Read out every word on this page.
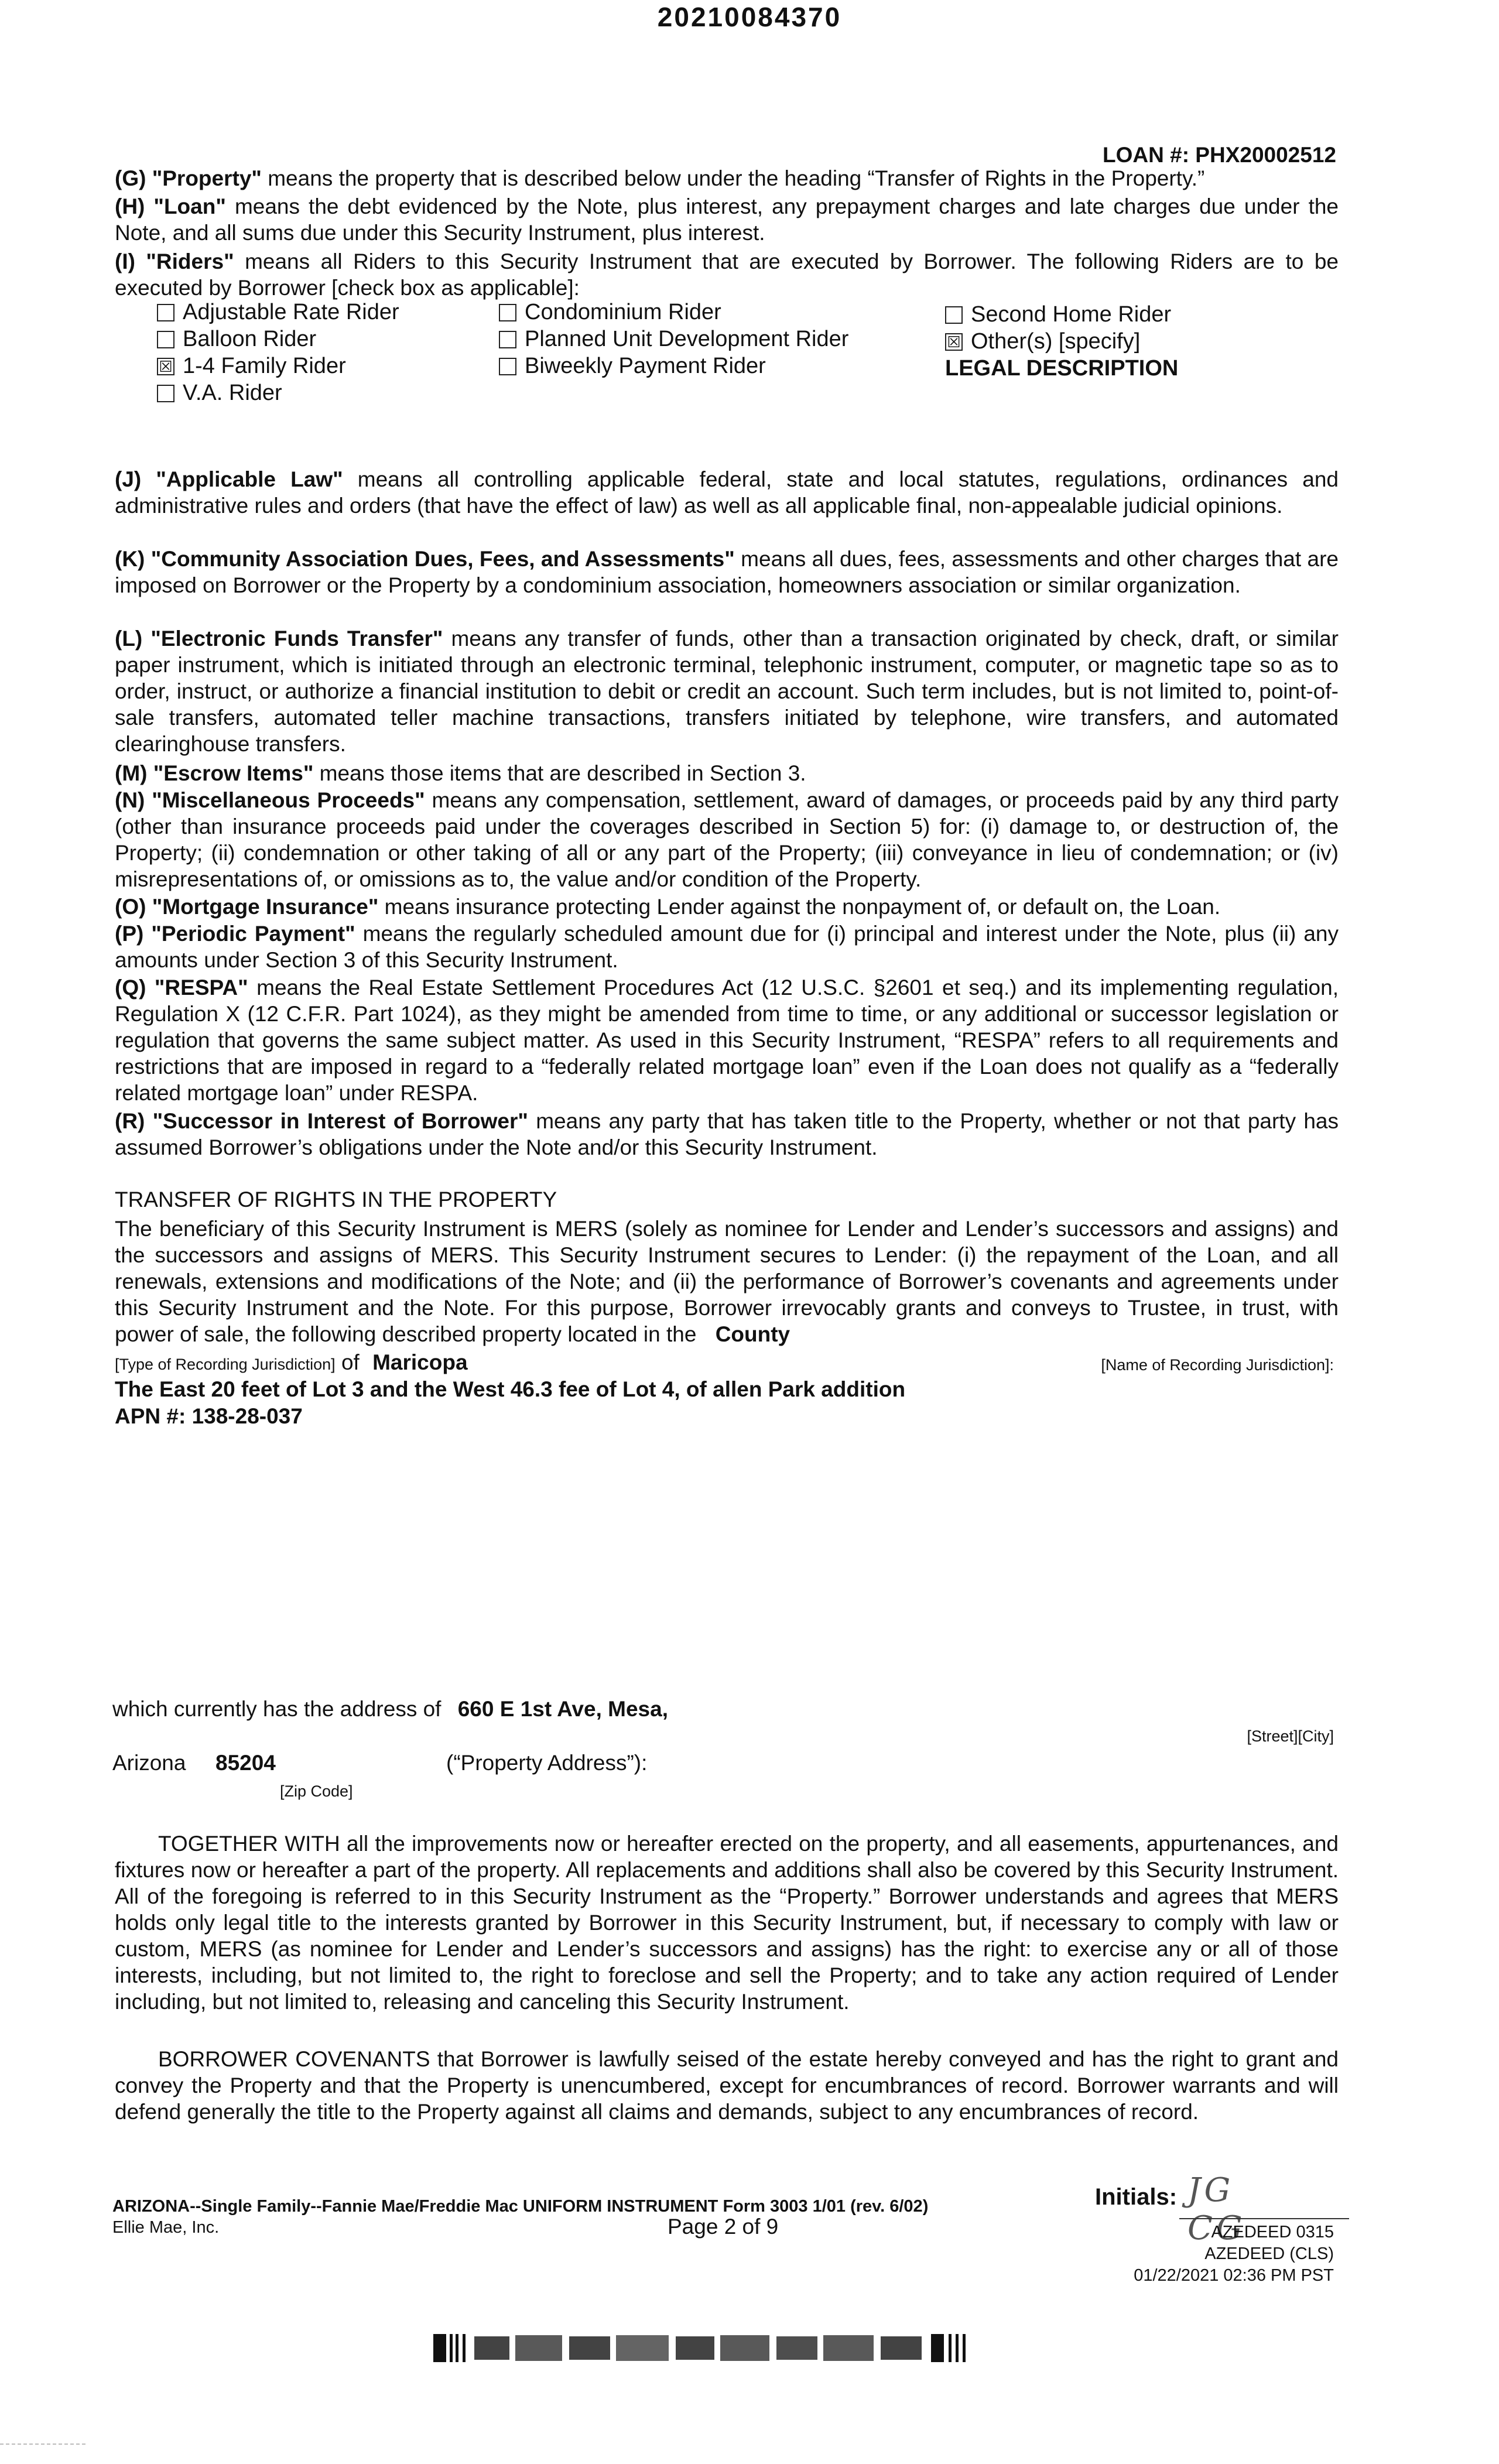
20210084370
LOAN #: PHX20002512

(G) "Property" means the property that is described below under the heading “Transfer of Rights in the Property.”

(H) "Loan" means the debt evidenced by the Note, plus interest, any prepayment charges and late charges due under the Note, and all sums due under this Security Instrument, plus interest.

(I) "Riders" means all Riders to this Security Instrument that are executed by Borrower. The following Riders are to be executed by Borrower [check box as applicable]:

Adjustable Rate Rider	Condominium Rider	Second Home Rider
Balloon Rider	Planned Unit Development Rider	☒ Other(s) [specify]
☒ 1-4 Family Rider	Biweekly Payment Rider	LEGAL DESCRIPTION
V.A. Rider

(J) "Applicable Law" means all controlling applicable federal, state and local statutes, regulations, ordinances and administrative rules and orders (that have the effect of law) as well as all applicable final, non-appealable judicial opinions.

(K) "Community Association Dues, Fees, and Assessments" means all dues, fees, assessments and other charges that are imposed on Borrower or the Property by a condominium association, homeowners association or similar organization.

(L) "Electronic Funds Transfer" means any transfer of funds, other than a transaction originated by check, draft, or similar paper instrument, which is initiated through an electronic terminal, telephonic instrument, computer, or magnetic tape so as to order, instruct, or authorize a financial institution to debit or credit an account. Such term includes, but is not limited to, point-of-sale transfers, automated teller machine transactions, transfers initiated by telephone, wire transfers, and automated clearinghouse transfers.

(M) "Escrow Items" means those items that are described in Section 3.

(N) "Miscellaneous Proceeds" means any compensation, settlement, award of damages, or proceeds paid by any third party (other than insurance proceeds paid under the coverages described in Section 5) for: (i) damage to, or destruction of, the Property; (ii) condemnation or other taking of all or any part of the Property; (iii) conveyance in lieu of condemnation; or (iv) misrepresentations of, or omissions as to, the value and/or condition of the Property.

(O) "Mortgage Insurance" means insurance protecting Lender against the nonpayment of, or default on, the Loan.

(P) "Periodic Payment" means the regularly scheduled amount due for (i) principal and interest under the Note, plus (ii) any amounts under Section 3 of this Security Instrument.

(Q) "RESPA" means the Real Estate Settlement Procedures Act (12 U.S.C. §2601 et seq.) and its implementing regulation, Regulation X (12 C.F.R. Part 1024), as they might be amended from time to time, or any additional or successor legislation or regulation that governs the same subject matter. As used in this Security Instrument, “RESPA” refers to all requirements and restrictions that are imposed in regard to a “federally related mortgage loan” even if the Loan does not qualify as a “federally related mortgage loan” under RESPA.

(R) "Successor in Interest of Borrower" means any party that has taken title to the Property, whether or not that party has assumed Borrower’s obligations under the Note and/or this Security Instrument.

TRANSFER OF RIGHTS IN THE PROPERTY

The beneficiary of this Security Instrument is MERS (solely as nominee for Lender and Lender’s successors and assigns) and the successors and assigns of MERS. This Security Instrument secures to Lender: (i) the repayment of the Loan, and all renewals, extensions and modifications of the Note; and (ii) the performance of Borrower’s covenants and agreements under this Security Instrument and the Note. For this purpose, Borrower irrevocably grants and conveys to Trustee, in trust, with power of sale, the following described property located in the County

[Type of Recording Jurisdiction] of Maricopa	[Name of Recording Jurisdiction]:
The East 20 feet of Lot 3 and the West 46.3 fee of Lot 4, of allen Park addition
APN #: 138-28-037
which currently has the address of 660 E 1st Ave, Mesa,
[Street][City]
Arizona 85204	(“Property Address”):
[Zip Code]

TOGETHER WITH all the improvements now or hereafter erected on the property, and all easements, appurtenances, and fixtures now or hereafter a part of the property. All replacements and additions shall also be covered by this Security Instrument. All of the foregoing is referred to in this Security Instrument as the “Property.” Borrower understands and agrees that MERS holds only legal title to the interests granted by Borrower in this Security Instrument, but, if necessary to comply with law or custom, MERS (as nominee for Lender and Lender’s successors and assigns) has the right: to exercise any or all of those interests, including, but not limited to, the right to foreclose and sell the Property; and to take any action required of Lender including, but not limited to, releasing and canceling this Security Instrument.

BORROWER COVENANTS that Borrower is lawfully seised of the estate hereby conveyed and has the right to grant and convey the Property and that the Property is unencumbered, except for encumbrances of record. Borrower warrants and will defend generally the title to the Property against all claims and demands, subject to any encumbrances of record.

ARIZONA--Single Family--Fannie Mae/Freddie Mac UNIFORM INSTRUMENT Form 3003 1/01 (rev. 6/02)
Ellie Mae, Inc.	Page 2 of 9
Initials: JG CG
AZEDEED 0315
AZEDEED (CLS)
01/22/2021 02:36 PM PST
